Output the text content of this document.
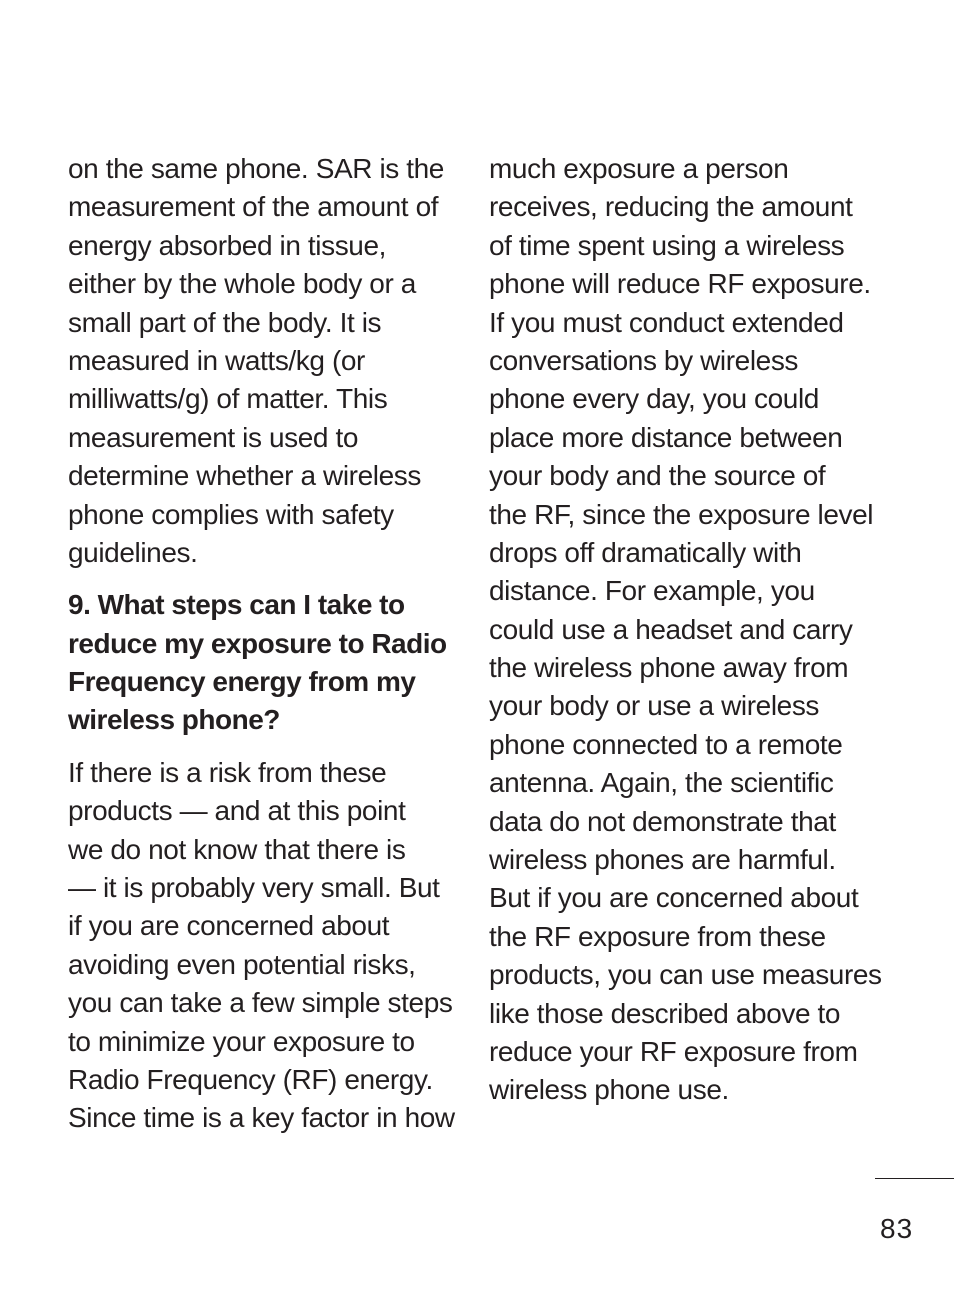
on the same phone. SAR is the
measurement of the amount of
energy absorbed in tissue,
either by the whole body or a
small part of the body. It is
measured in watts/kg (or
milliwatts/g) of matter. This
measurement is used to
determine whether a wireless
phone complies with safety
guidelines.
9. What steps can I take to
reduce my exposure to Radio
Frequency energy from my
wireless phone?
If there is a risk from these
products — and at this point
we do not know that there is
— it is probably very small. But
if you are concerned about
avoiding even potential risks,
you can take a few simple steps
to minimize your exposure to
Radio Frequency (RF) energy.
Since time is a key factor in how
much exposure a person
receives, reducing the amount
of time spent using a wireless
phone will reduce RF exposure.
If you must conduct extended
conversations by wireless
phone every day, you could
place more distance between
your body and the source of
the RF, since the exposure level
drops off dramatically with
distance. For example, you
could use a headset and carry
the wireless phone away from
your body or use a wireless
phone connected to a remote
antenna. Again, the scientific
data do not demonstrate that
wireless phones are harmful.
But if you are concerned about
the RF exposure from these
products, you can use measures
like those described above to
reduce your RF exposure from
wireless phone use.
83
